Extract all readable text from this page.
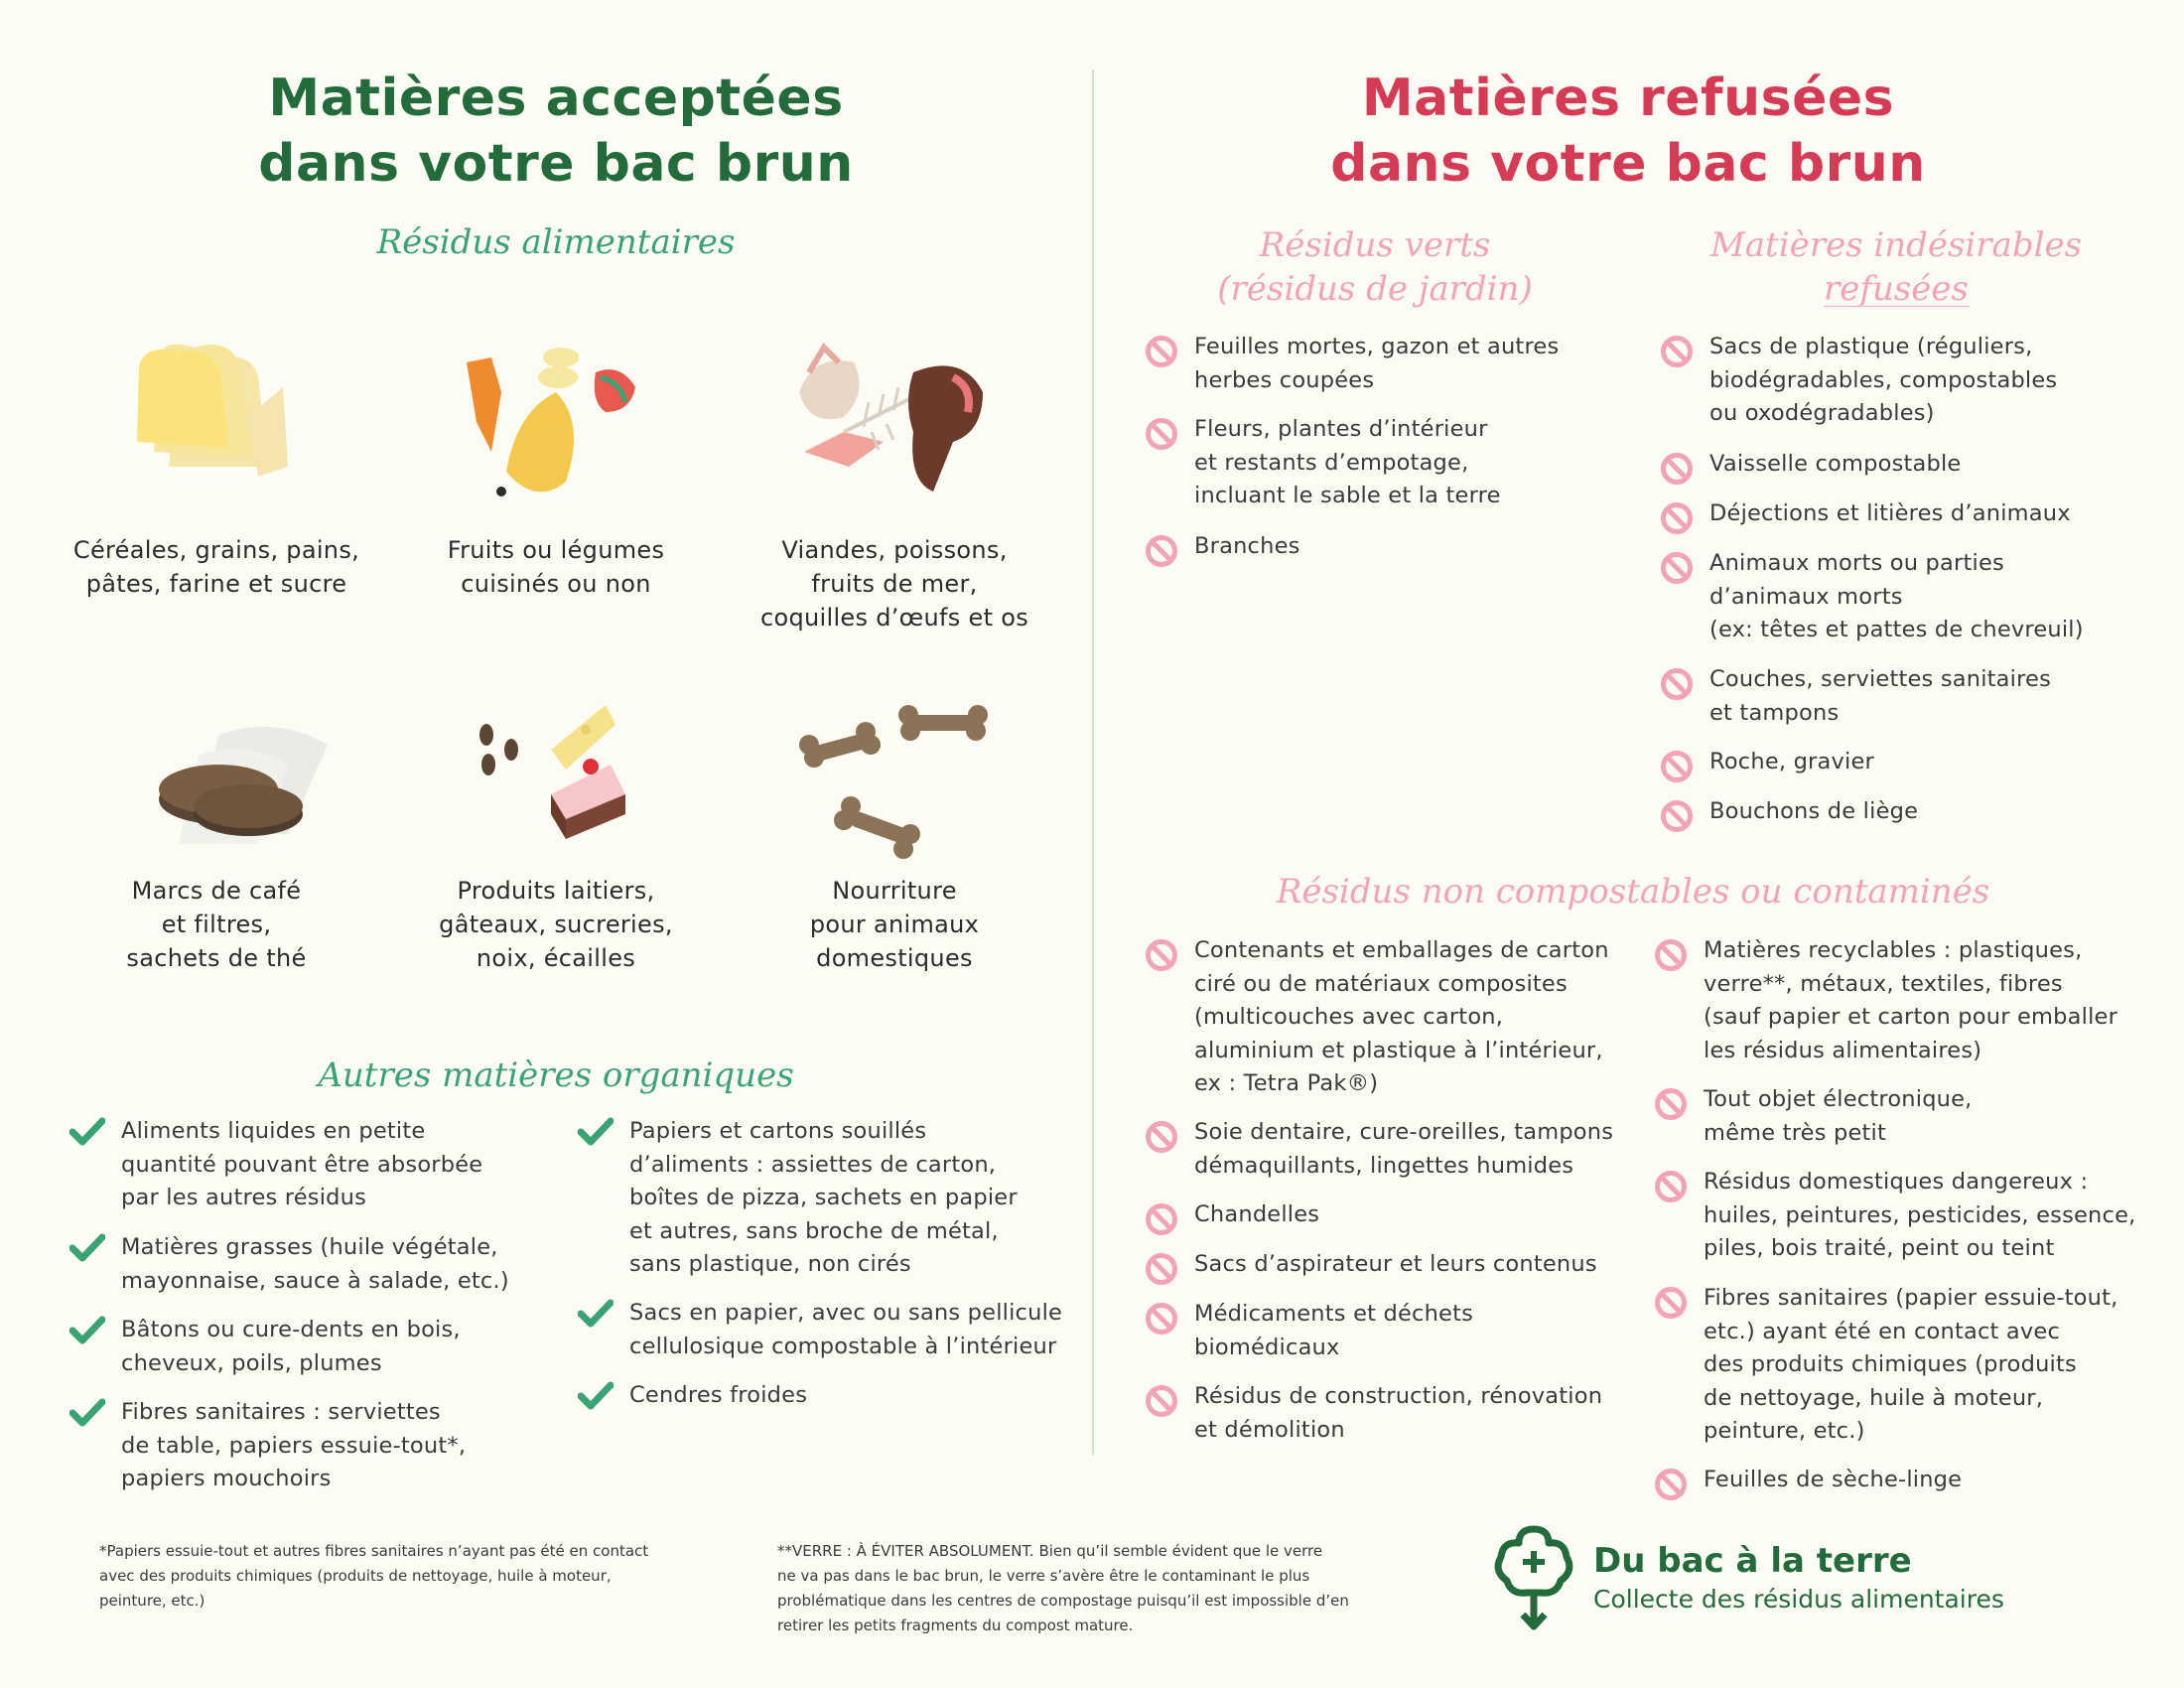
Matières acceptées
dans votre bac brun
Matières refusées
dans votre bac brun
Résidus alimentaires
Céréales, grains, pains,
pâtes, farine et sucre
Fruits ou légumes
cuisinés ou non
Viandes, poissons,
fruits de mer,
coquilles d’œufs et os
Marcs de café
et filtres,
sachets de thé
Produits laitiers,
gâteaux, sucreries,
noix, écailles
Nourriture
pour animaux
domestiques
Autres matières organiques
Aliments liquides en petite
quantité pouvant être absorbée
par les autres résidus
Matières grasses (huile végétale,
mayonnaise, sauce à salade, etc.)
Bâtons ou cure-dents en bois,
cheveux, poils, plumes
Fibres sanitaires : serviettes
de table, papiers essuie-tout*,
papiers mouchoirs
Papiers et cartons souillés
d’aliments : assiettes de carton,
boîtes de pizza, sachets en papier
et autres, sans broche de métal,
sans plastique, non cirés
Sacs en papier, avec ou sans pellicule
cellulosique compostable à l’intérieur
Cendres froides
Résidus verts
(résidus de jardin)
Matières indésirables
refusées
Résidus non compostables ou contaminés
Feuilles mortes, gazon et autres
herbes coupées
Fleurs, plantes d’intérieur
et restants d’empotage,
incluant le sable et la terre
Branches
Sacs de plastique (réguliers,
biodégradables, compostables
ou oxodégradables)
Vaisselle compostable
Déjections et litières d’animaux
Animaux morts ou parties
d’animaux morts
(ex: têtes et pattes de chevreuil)
Couches, serviettes sanitaires
et tampons
Roche, gravier
Bouchons de liège
Contenants et emballages de carton
ciré ou de matériaux composites
(multicouches avec carton,
aluminium et plastique à l’intérieur,
ex : Tetra Pak®)
Soie dentaire, cure-oreilles, tampons
démaquillants, lingettes humides
Chandelles
Sacs d’aspirateur et leurs contenus
Médicaments et déchets
biomédicaux
Résidus de construction, rénovation
et démolition
Matières recyclables : plastiques,
verre**, métaux, textiles, fibres
(sauf papier et carton pour emballer
les résidus alimentaires)
Tout objet électronique,
même très petit
Résidus domestiques dangereux :
huiles, peintures, pesticides, essence,
piles, bois traité, peint ou teint
Fibres sanitaires (papier essuie-tout,
etc.) ayant été en contact avec
des produits chimiques (produits
de nettoyage, huile à moteur,
peinture, etc.)
Feuilles de sèche-linge
*Papiers essuie-tout et autres fibres sanitaires n’ayant pas été en contact
avec des produits chimiques (produits de nettoyage, huile à moteur,
peinture, etc.)
**VERRE : À ÉVITER ABSOLUMENT. Bien qu’il semble évident que le verre
ne va pas dans le bac brun, le verre s’avère être le contaminant le plus
problématique dans les centres de compostage puisqu’il est impossible d’en
retirer les petits fragments du compost mature.
Du bac à la terre
Collecte des résidus alimentaires
